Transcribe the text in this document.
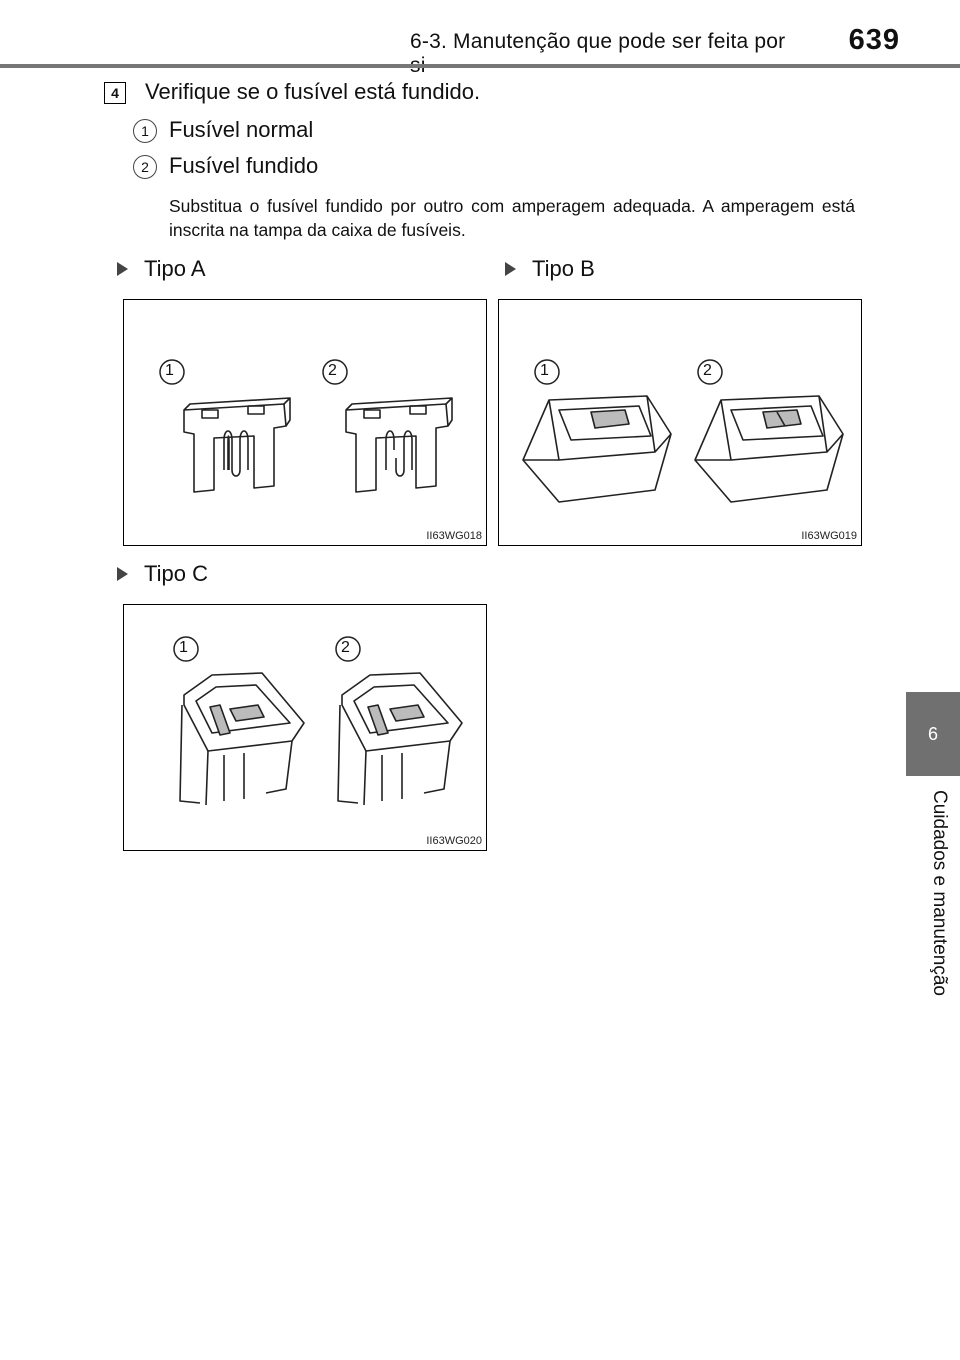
6-3. Manutenção que pode ser feita por	639
6
Cuidados e manutenção
4	Verifique se o fusível está fundido.
1 Fusível normal
2 Fusível fundido
Substitua o fusível fundido por outro com amperagem adequada. A amperagem está inscrita na tampa da caixa de fusíveis.
Tipo A
1	2
II63WG018
Tipo B
1	2
II63WG019
Tipo C
1	2
II63WG020
